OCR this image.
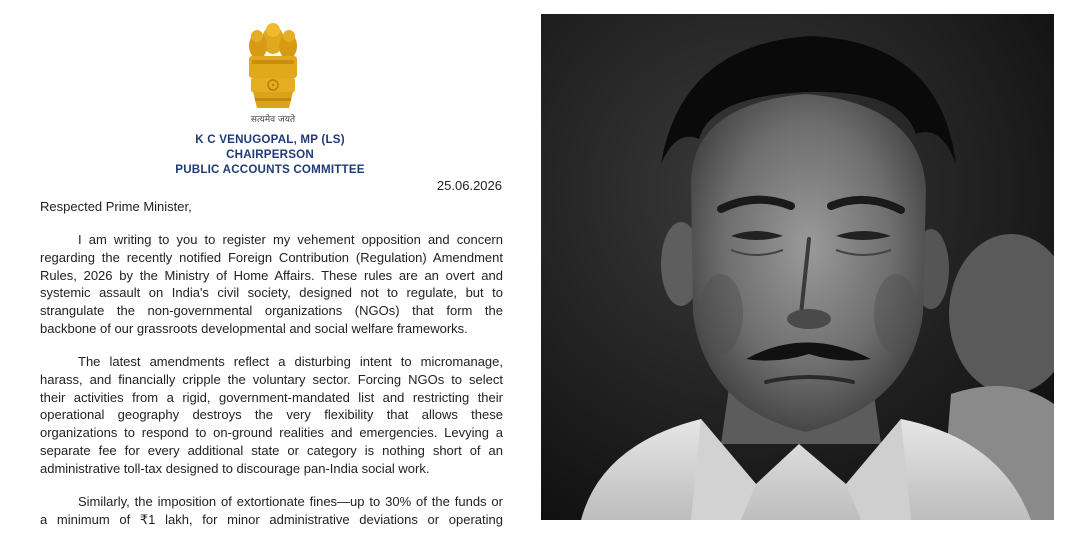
सत्यमेव जयते
K C VENUGOPAL, MP (LS)
CHAIRPERSON
PUBLIC ACCOUNTS COMMITTEE
25.06.2026
Respected Prime Minister,
I am writing to you to register my vehement opposition and concern
regarding the recently notified Foreign Contribution (Regulation) Amendment
Rules, 2026 by the Ministry of Home Affairs. These rules are an overt and
systemic assault on India's civil society, designed not to regulate, but to
strangulate the non-governmental organizations (NGOs) that form the
backbone of our grassroots developmental and social welfare frameworks.
The latest amendments reflect a disturbing intent to micromanage,
harass, and financially cripple the voluntary sector. Forcing NGOs to select
their activities from a rigid, government-mandated list and restricting their
operational geography destroys the very flexibility that allows these
organizations to respond to on-ground realities and emergencies. Levying a
separate fee for every additional state or category is nothing short of an
administrative toll-tax designed to discourage pan-India social work.
Similarly, the imposition of extortionate fines—up to 30% of the funds or
a minimum of ₹1 lakh, for minor administrative deviations or operating
